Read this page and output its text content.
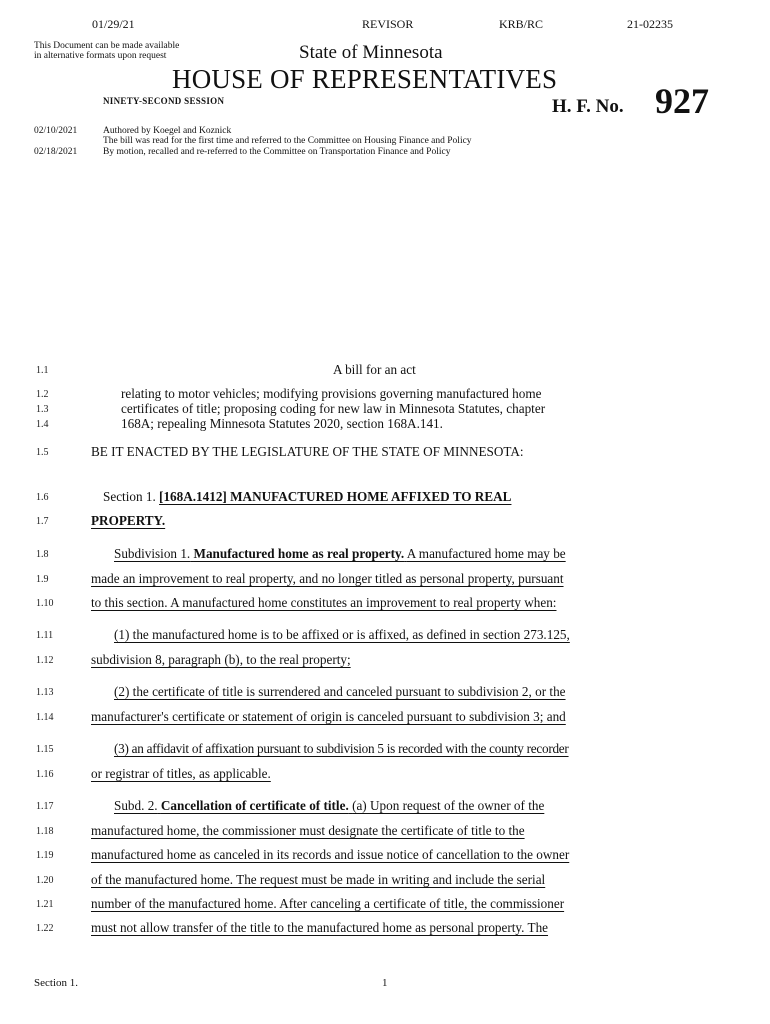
01/29/21	REVISOR	KRB/RC	21-02235
This Document can be made available
in alternative formats upon request	State of Minnesota
HOUSE OF REPRESENTATIVES
NINETY-SECOND SESSION	H. F. No. 927
02/10/2021	Authored by Koegel and Koznick
The bill was read for the first time and referred to the Committee on Housing Finance and Policy
02/18/2021	By motion, recalled and re-referred to the Committee on Transportation Finance and Policy
1.1
1.2
1.3
1.4
1.5
1.6
1.7
1.8
1.9
1.10
1.11
1.12
1.13
1.14
1.15
1.16
1.17
1.18
1.19
1.20
1.21
1.22
A bill for an act
relating to motor vehicles; modifying provisions governing manufactured home
certificates of title; proposing coding for new law in Minnesota Statutes, chapter
168A; repealing Minnesota Statutes 2020, section 168A.141.
BE IT ENACTED BY THE LEGISLATURE OF THE STATE OF MINNESOTA:
Section 1. [168A.1412] MANUFACTURED HOME AFFIXED TO REAL
PROPERTY.
Subdivision 1. Manufactured home as real property. A manufactured home may be
made an improvement to real property, and no longer titled as personal property, pursuant
to this section. A manufactured home constitutes an improvement to real property when:
(1) the manufactured home is to be affixed or is affixed, as defined in section 273.125,
subdivision 8, paragraph (b), to the real property;
(2) the certificate of title is surrendered and canceled pursuant to subdivision 2, or the
manufacturer's certificate or statement of origin is canceled pursuant to subdivision 3; and
(3) an affidavit of affixation pursuant to subdivision 5 is recorded with the county recorder
or registrar of titles, as applicable.
Subd. 2. Cancellation of certificate of title. (a) Upon request of the owner of the
manufactured home, the commissioner must designate the certificate of title to the
manufactured home as canceled in its records and issue notice of cancellation to the owner
of the manufactured home. The request must be made in writing and include the serial
number of the manufactured home. After canceling a certificate of title, the commissioner
must not allow transfer of the title to the manufactured home as personal property. The
Section 1.	1
